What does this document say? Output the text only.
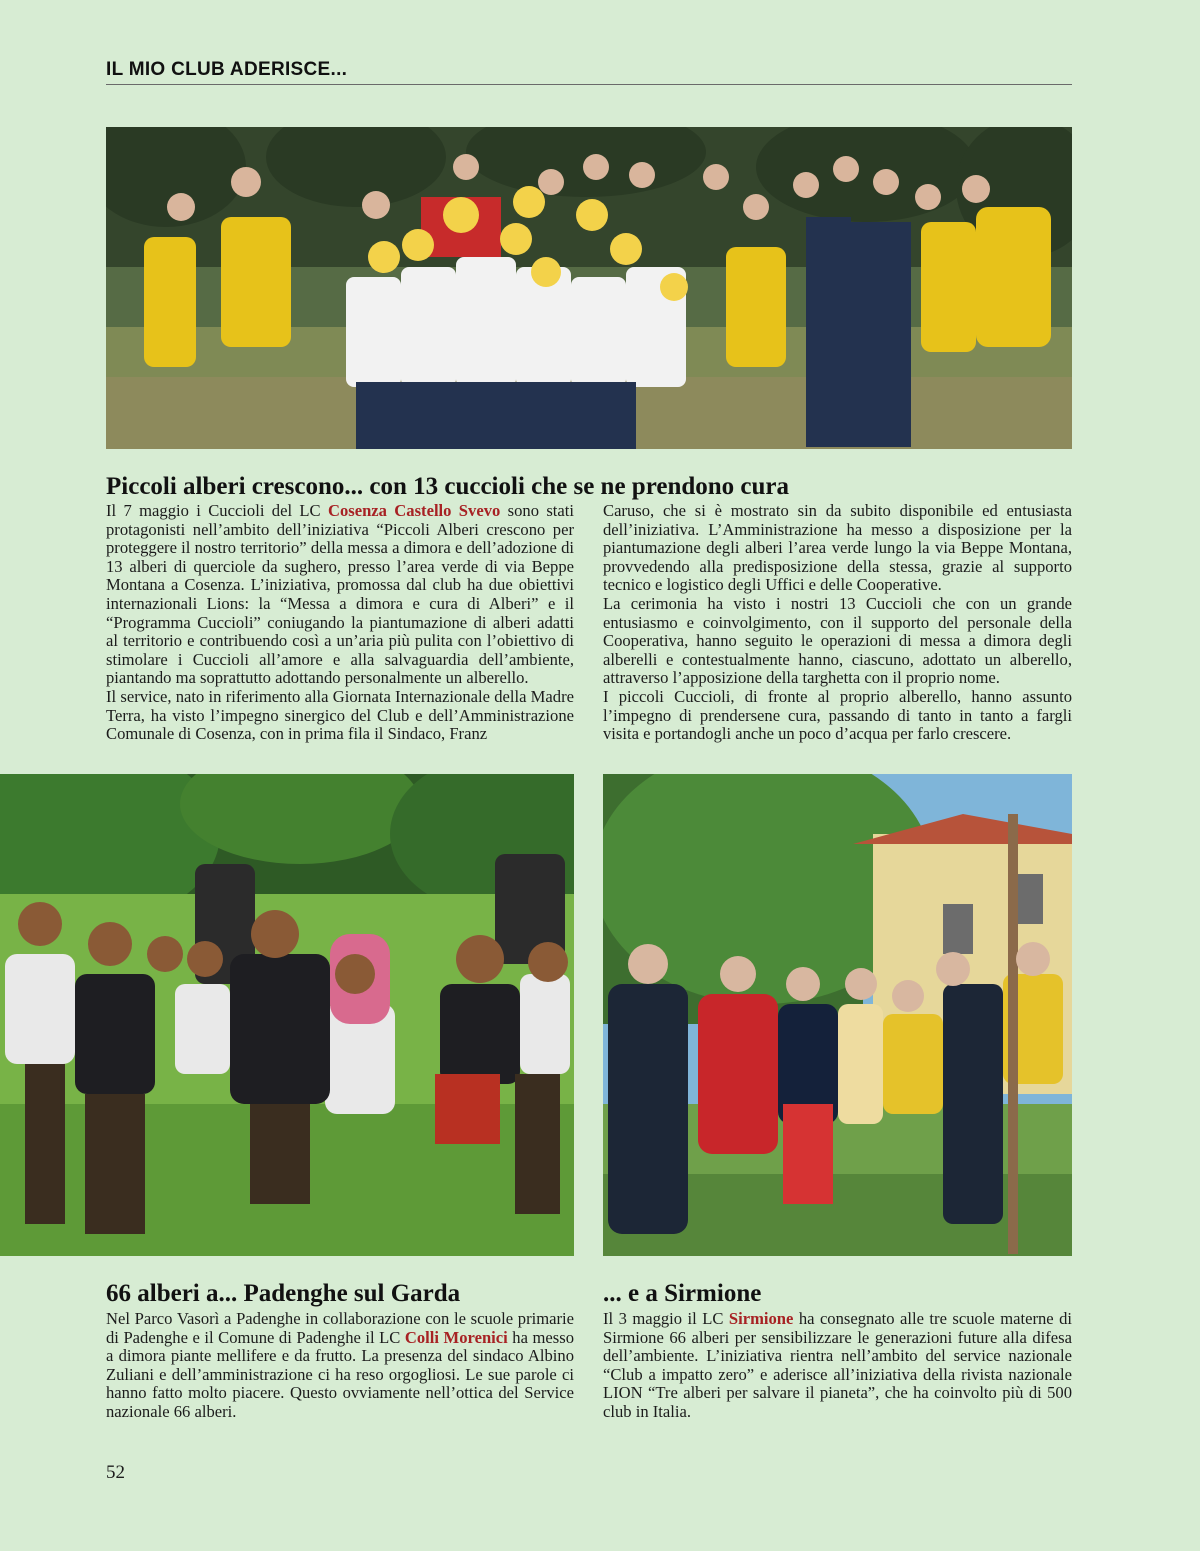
IL MIO CLUB ADERISCE...
Piccoli alberi crescono... con 13 cuccioli che se ne prendono cura

Il 7 maggio i Cuccioli del LC Cosenza Castello Svevo sono stati protagonisti nell’ambito dell’iniziativa “Piccoli Alberi crescono per proteggere il nostro territorio” della messa a dimora e dell’adozione di 13 alberi di querciole da sughero, presso l’area verde di via Beppe Montana a Cosenza. L’iniziativa, promossa dal club ha due obiettivi internazionali Lions: la “Messa a dimora e cura di Alberi” e il “Programma Cuccioli” coniugando la piantumazione di alberi adatti al territorio e contribuendo così a un’aria più pulita con l’obiettivo di stimolare i Cuccioli all’amore e alla salvaguardia dell’ambiente, piantando ma soprattutto adottando personalmente un alberello.

Il service, nato in riferimento alla Giornata Internazionale della Madre Terra, ha visto l’impegno sinergico del Club e dell’Amministrazione Comunale di Cosenza, con in prima fila il Sindaco, Franz

Caruso, che si è mostrato sin da subito disponibile ed entusiasta dell’iniziativa. L’Amministrazione ha messo a disposizione per la piantumazione degli alberi l’area verde lungo la via Beppe Montana, provvedendo alla predisposizione della stessa, grazie al supporto tecnico e logistico degli Uffici e delle Cooperative.

La cerimonia ha visto i nostri 13 Cuccioli che con un grande entusiasmo e coinvolgimento, con il supporto del personale della Cooperativa, hanno seguito le operazioni di messa a dimora degli alberelli e contestualmente hanno, ciascuno, adottato un alberello, attraverso l’apposizione della targhetta con il proprio nome.

I piccoli Cuccioli, di fronte al proprio alberello, hanno assunto l’impegno di prendersene cura, passando di tanto in tanto a fargli visita e portandogli anche un poco d’acqua per farlo crescere.

66 alberi a... Padenghe sul Garda

Nel Parco Vasorì a Padenghe in collaborazione con le scuole primarie di Padenghe e il Comune di Padenghe il LC Colli Morenici ha messo a dimora piante mellifere e da frutto. La presenza del sindaco Albino Zuliani e dell’amministrazione ci ha reso orgogliosi. Le sue parole ci hanno fatto molto piacere. Questo ovviamente nell’ottica del Service nazionale 66 alberi.

... e a Sirmione

Il 3 maggio il LC Sirmione ha consegnato alle tre scuole materne di Sirmione 66 alberi per sensibilizzare le generazioni future alla difesa dell’ambiente. L’iniziativa rientra nell’ambito del service nazionale “Club a impatto zero” e aderisce all’iniziativa della rivista nazionale LION “Tre alberi per salvare il pianeta”, che ha coinvolto più di 500 club in Italia.

52
